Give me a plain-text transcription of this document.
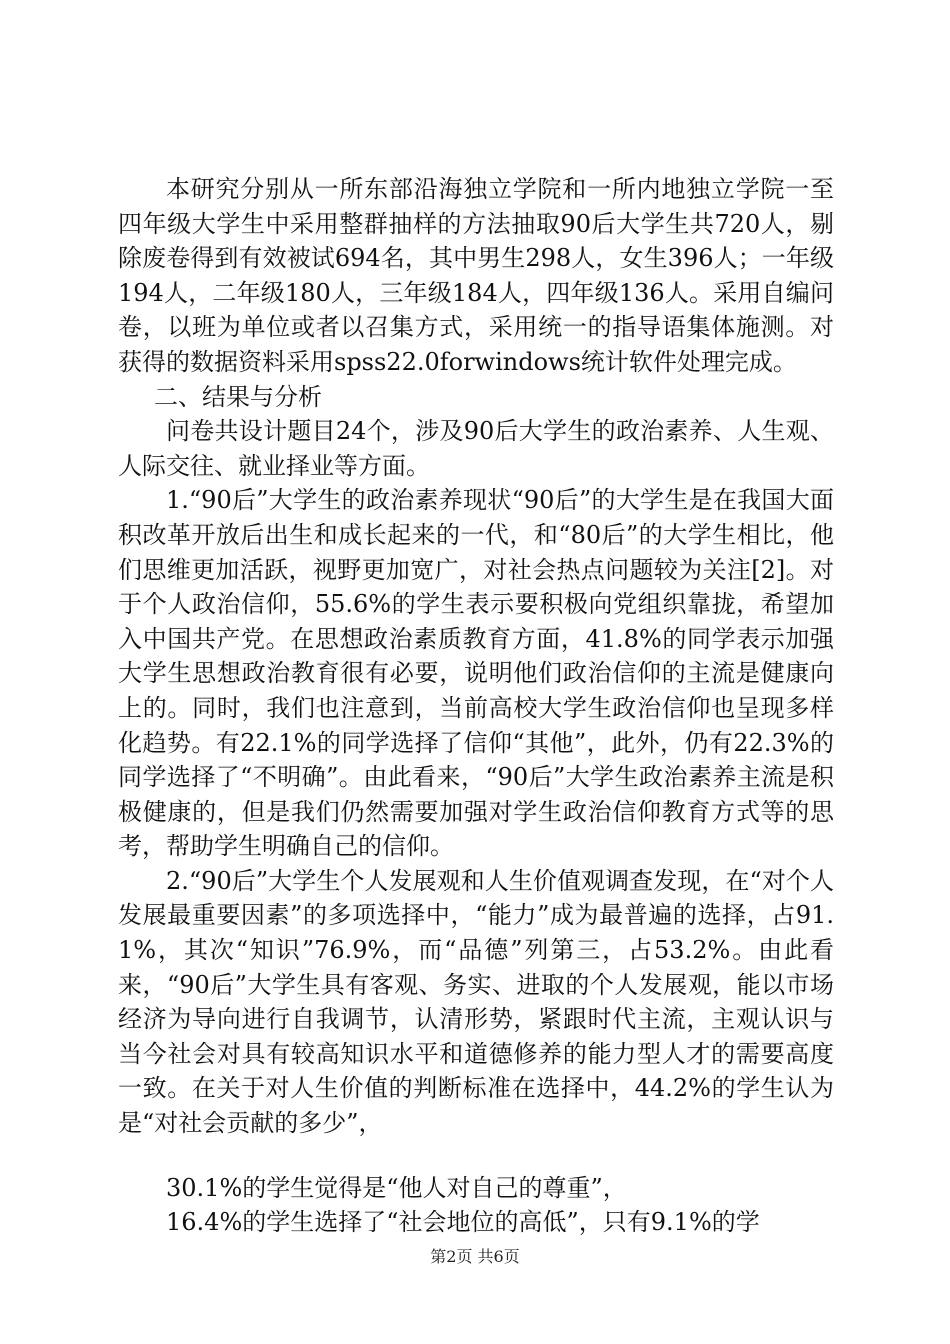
本研究分别从一所东部沿海独立学院和一所内地独立学院一至四年级大学生中采用整群抽样的方法抽取90后大学生共720人，剔除废卷得到有效被试694名，其中男生298人，女生396人；一年级194人，二年级180人，三年级184人，四年级136人。采用自编问卷，以班为单位或者以召集方式，采用统一的指导语集体施测。对获得的数据资料采用spss22.0forwindows统计软件处理完成。

二、结果与分析

问卷共设计题目24个，涉及90后大学生的政治素养、人生观、人际交往、就业择业等方面。

1.“90后”大学生的政治素养现状“90后”的大学生是在我国大面积改革开放后出生和成长起来的一代，和“80后”的大学生相比，他们思维更加活跃，视野更加宽广，对社会热点问题较为关注[2]。对于个人政治信仰，55.6%的学生表示要积极向党组织靠拢，希望加入中国共产党。在思想政治素质教育方面，41.8%的同学表示加强大学生思想政治教育很有必要，说明他们政治信仰的主流是健康向上的。同时，我们也注意到，当前高校大学生政治信仰也呈现多样化趋势。有22.1%的同学选择了信仰“其他”，此外，仍有22.3%的同学选择了“不明确”。由此看来，“90后”大学生政治素养主流是积极健康的，但是我们仍然需要加强对学生政治信仰教育方式等的思考，帮助学生明确自己的信仰。

2.“90后”大学生个人发展观和人生价值观调查发现，在“对个人发展最重要因素”的多项选择中，“能力”成为最普遍的选择，占91.1%，其次“知识”76.9%，而“品德”列第三，占53.2%。由此看来，“90后”大学生具有客观、务实、进取的个人发展观，能以市场经济为导向进行自我调节，认清形势，紧跟时代主流，主观认识与当今社会对具有较高知识水平和道德修养的能力型人才的需要高度一致。在关于对人生价值的判断标准在选择中，44.2%的学生认为是“对社会贡献的多少”，

30.1%的学生觉得是“他人对自己的尊重”，

16.4%的学生选择了“社会地位的高低”，只有9.1%的学

第2页 共6页
